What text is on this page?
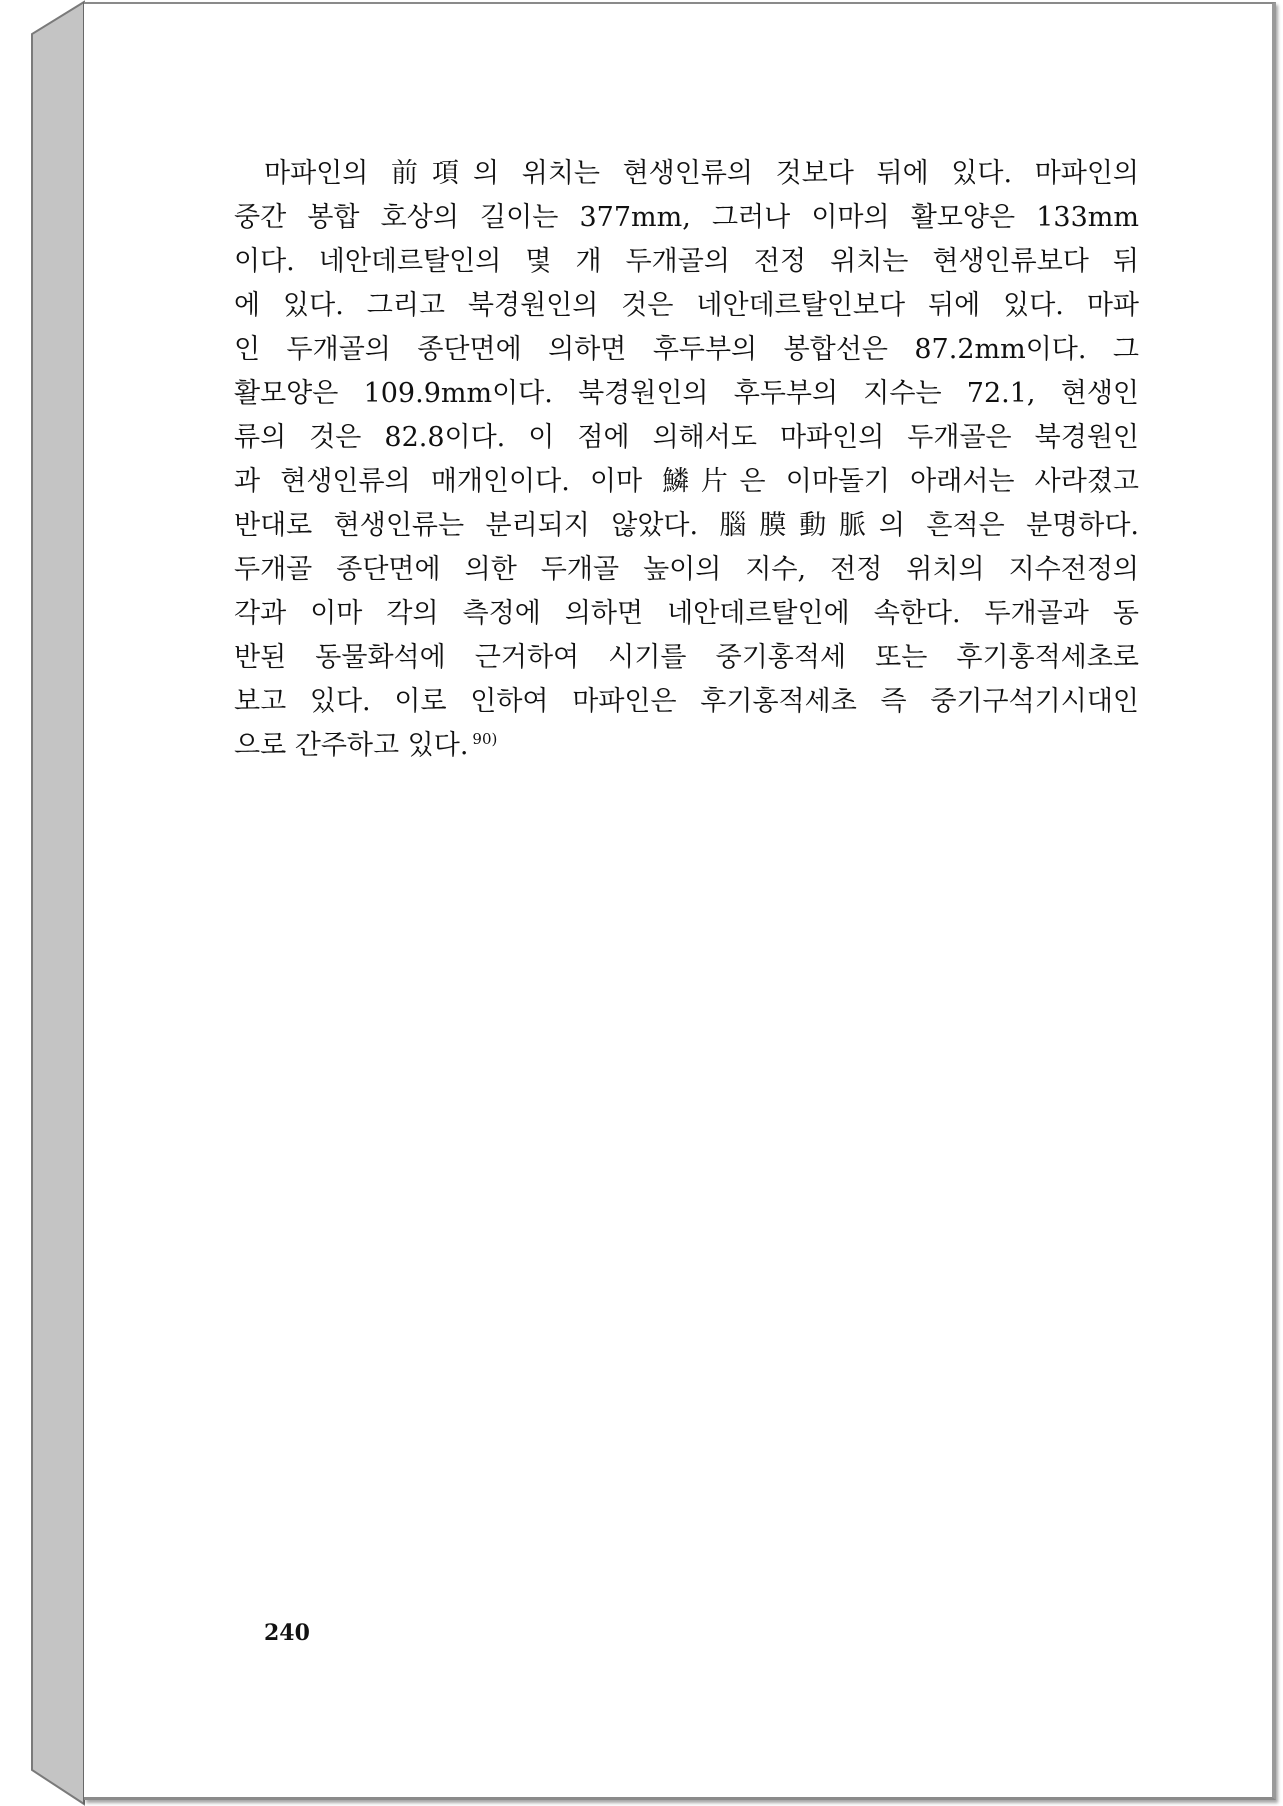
마파인의 前項의 위치는 현생인류의 것보다 뒤에 있다. 마파인의
중간 봉합 호상의 길이는 377mm, 그러나 이마의 활모양은 133mm
이다. 네안데르탈인의 몇 개 두개골의 전정 위치는 현생인류보다 뒤
에 있다. 그리고 북경원인의 것은 네안데르탈인보다 뒤에 있다. 마파
인 두개골의 종단면에 의하면 후두부의 봉합선은 87.2mm이다. 그
활모양은 109.9mm이다. 북경원인의 후두부의 지수는 72.1, 현생인
류의 것은 82.8이다. 이 점에 의해서도 마파인의 두개골은 북경원인
과 현생인류의 매개인이다. 이마 鱗片은 이마돌기 아래서는 사라졌고
반대로 현생인류는 분리되지 않았다. 腦膜動脈의 흔적은 분명하다.
두개골 종단면에 의한 두개골 높이의 지수, 전정 위치의 지수전정의
각과 이마 각의 측정에 의하면 네안데르탈인에 속한다. 두개골과 동
반된 동물화석에 근거하여 시기를 중기홍적세 또는 후기홍적세초로
보고 있다. 이로 인하여 마파인은 후기홍적세초 즉 중기구석기시대인
으로 간주하고 있다. $^{90)}$
240
